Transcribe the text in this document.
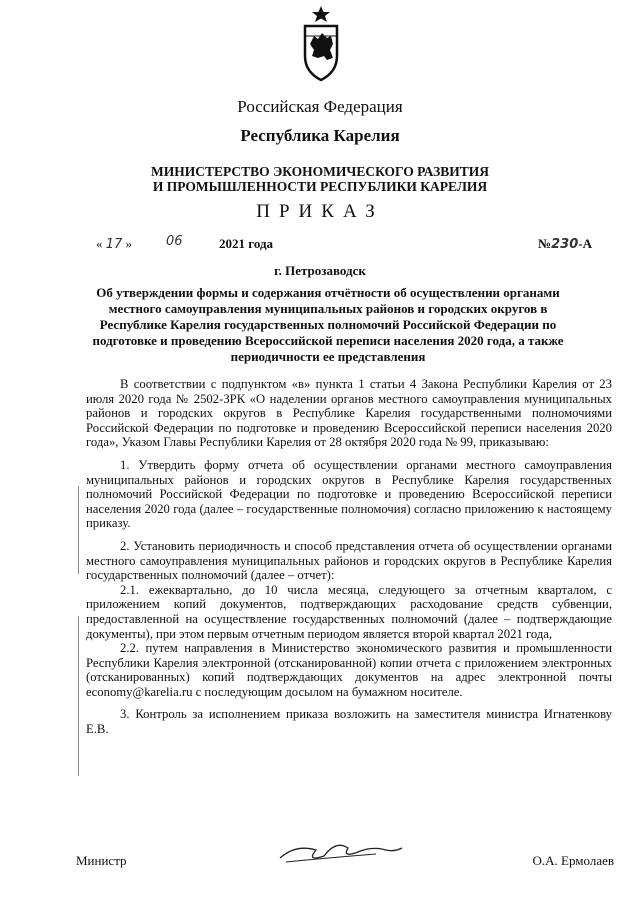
Российская Федерация
Республика Карелия
МИНИСТЕРСТВО ЭКОНОМИЧЕСКОГО РАЗВИТИЯ
И ПРОМЫШЛЕННОСТИ РЕСПУБЛИКИ КАРЕЛИЯ
ПРИКАЗ
« 17 »	06	2021 года	№230-А
г. Петрозаводск
Об утверждении формы и содержания отчётности об осуществлении органами местного самоуправления муниципальных районов и городских округов в Республике Карелия государственных полномочий Российской Федерации по подготовке и проведению Всероссийской переписи населения 2020 года, а также периодичности ее представления

В соответствии с подпунктом «в» пункта 1 статьи 4 Закона Республики Карелия от 23 июля 2020 года № 2502-ЗРК «О наделении органов местного самоуправления муниципальных районов и городских округов в Республике Карелия государственными полномочиями Российской Федерации по подготовке и проведению Всероссийской переписи населения 2020 года», Указом Главы Республики Карелия от 28 октября 2020 года № 99, приказываю:

1. Утвердить форму отчета об осуществлении органами местного самоуправления муниципальных районов и городских округов в Республике Карелия государственных полномочий Российской Федерации по подготовке и проведению Всероссийской переписи населения 2020 года (далее – государственные полномочия) согласно приложению к настоящему приказу.

2. Установить периодичность и способ представления отчета об осуществлении органами местного самоуправления муниципальных районов и городских округов в Республике Карелия государственных полномочий (далее – отчет):

2.1. ежеквартально, до 10 числа месяца, следующего за отчетным кварталом, с приложением копий документов, подтверждающих расходование средств субвенции, предоставленной на осуществление государственных полномочий (далее – подтверждающие документы), при этом первым отчетным периодом является второй квартал 2021 года,

2.2. путем направления в Министерство экономического развития и промышленности Республики Карелия электронной (отсканированной) копии отчета с приложением электронных (отсканированных) копий подтверждающих документов на адрес электронной почты economy@karelia.ru с последующим досылом на бумажном носителе.

3. Контроль за исполнением приказа возложить на заместителя министра Игнатенкову Е.В.

Министр	О.А. Ермолаев
